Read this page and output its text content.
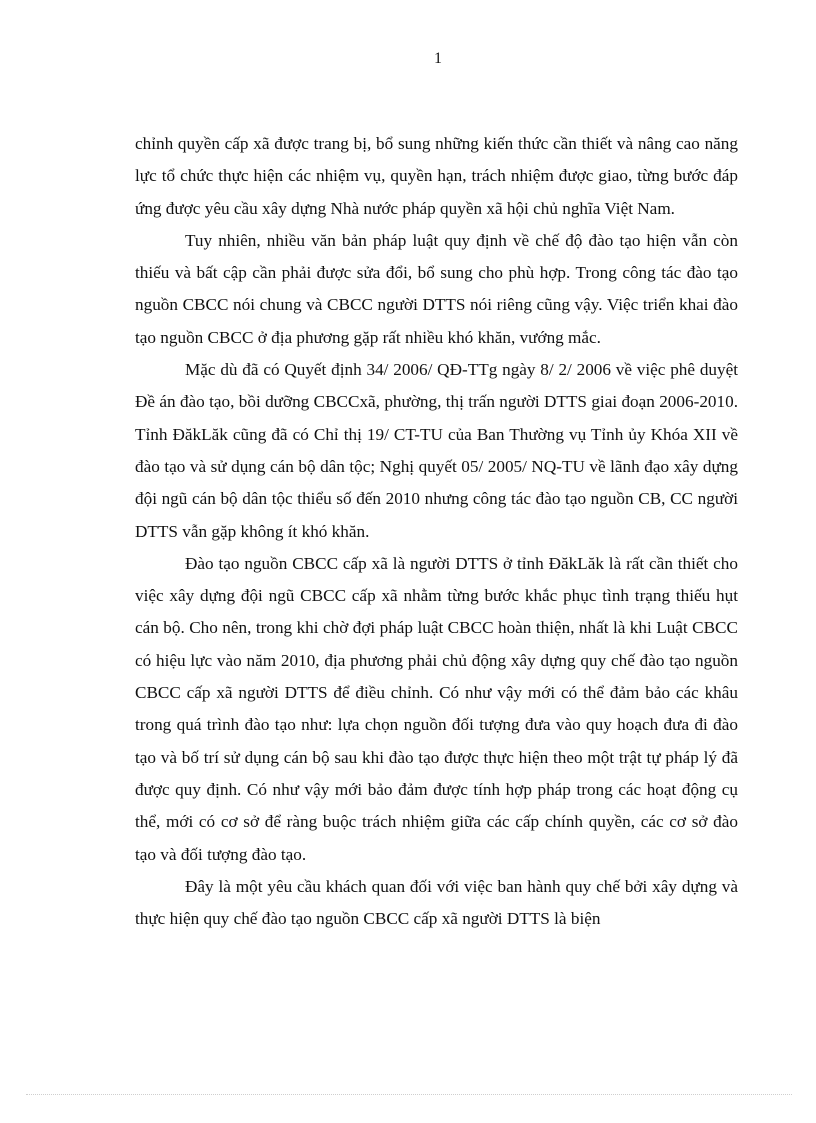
1

chỉnh quyền cấp xã được trang bị, bổ sung những kiến thức cần thiết và nâng cao năng lực tổ chức thực hiện các nhiệm vụ, quyền hạn, trách nhiệm được giao, từng bước đáp ứng được yêu cầu xây dựng Nhà nước pháp quyền xã hội chủ nghĩa Việt Nam.

Tuy nhiên, nhiều văn bản pháp luật quy định về chế độ đào tạo hiện vẫn còn thiếu và bất cập cần phải được sửa đổi, bổ sung cho phù hợp. Trong công tác đào tạo nguồn CBCC nói chung và CBCC người DTTS nói riêng cũng vậy. Việc triển khai đào tạo nguồn CBCC ở địa phương gặp rất nhiều khó khăn, vướng mắc.

Mặc dù đã có Quyết định 34/ 2006/ QĐ-TTg ngày 8/ 2/ 2006 về việc phê duyệt Đề án đào tạo, bồi dưỡng CBCCxã, phường, thị trấn người DTTS giai đoạn 2006-2010. Tỉnh ĐăkLăk cũng đã có Chỉ thị 19/ CT-TU của Ban Thường vụ Tỉnh ủy Khóa XII về đào tạo và sử dụng cán bộ dân tộc; Nghị quyết 05/ 2005/ NQ-TU về lãnh đạo xây dựng đội ngũ cán bộ dân tộc thiểu số đến 2010 nhưng công tác đào tạo nguồn CB, CC người DTTS vẫn gặp không ít khó khăn.

Đào tạo nguồn CBCC cấp xã là người DTTS ở tỉnh ĐăkLăk là rất cần thiết cho việc xây dựng đội ngũ CBCC cấp xã nhằm từng bước khắc phục tình trạng thiếu hụt cán bộ. Cho nên, trong khi chờ đợi pháp luật CBCC hoàn thiện, nhất là khi Luật CBCC có hiệu lực vào năm 2010, địa phương phải chủ động xây dựng quy chế đào tạo nguồn CBCC cấp xã người DTTS để điều chỉnh. Có như vậy mới có thể đảm bảo các khâu trong quá trình đào tạo như: lựa chọn nguồn đối tượng đưa vào quy hoạch đưa đi đào tạo và bố trí sử dụng cán bộ sau khi đào tạo được thực hiện theo một trật tự pháp lý đã được quy định. Có như vậy mới bảo đảm được tính hợp pháp trong các hoạt động cụ thể, mới có cơ sở để ràng buộc trách nhiệm giữa các cấp chính quyền, các cơ sở đào tạo và đối tượng đào tạo.

Đây là một yêu cầu khách quan đối với việc ban hành quy chế bởi xây dựng và thực hiện quy chế đào tạo nguồn CBCC cấp xã người DTTS là biện
